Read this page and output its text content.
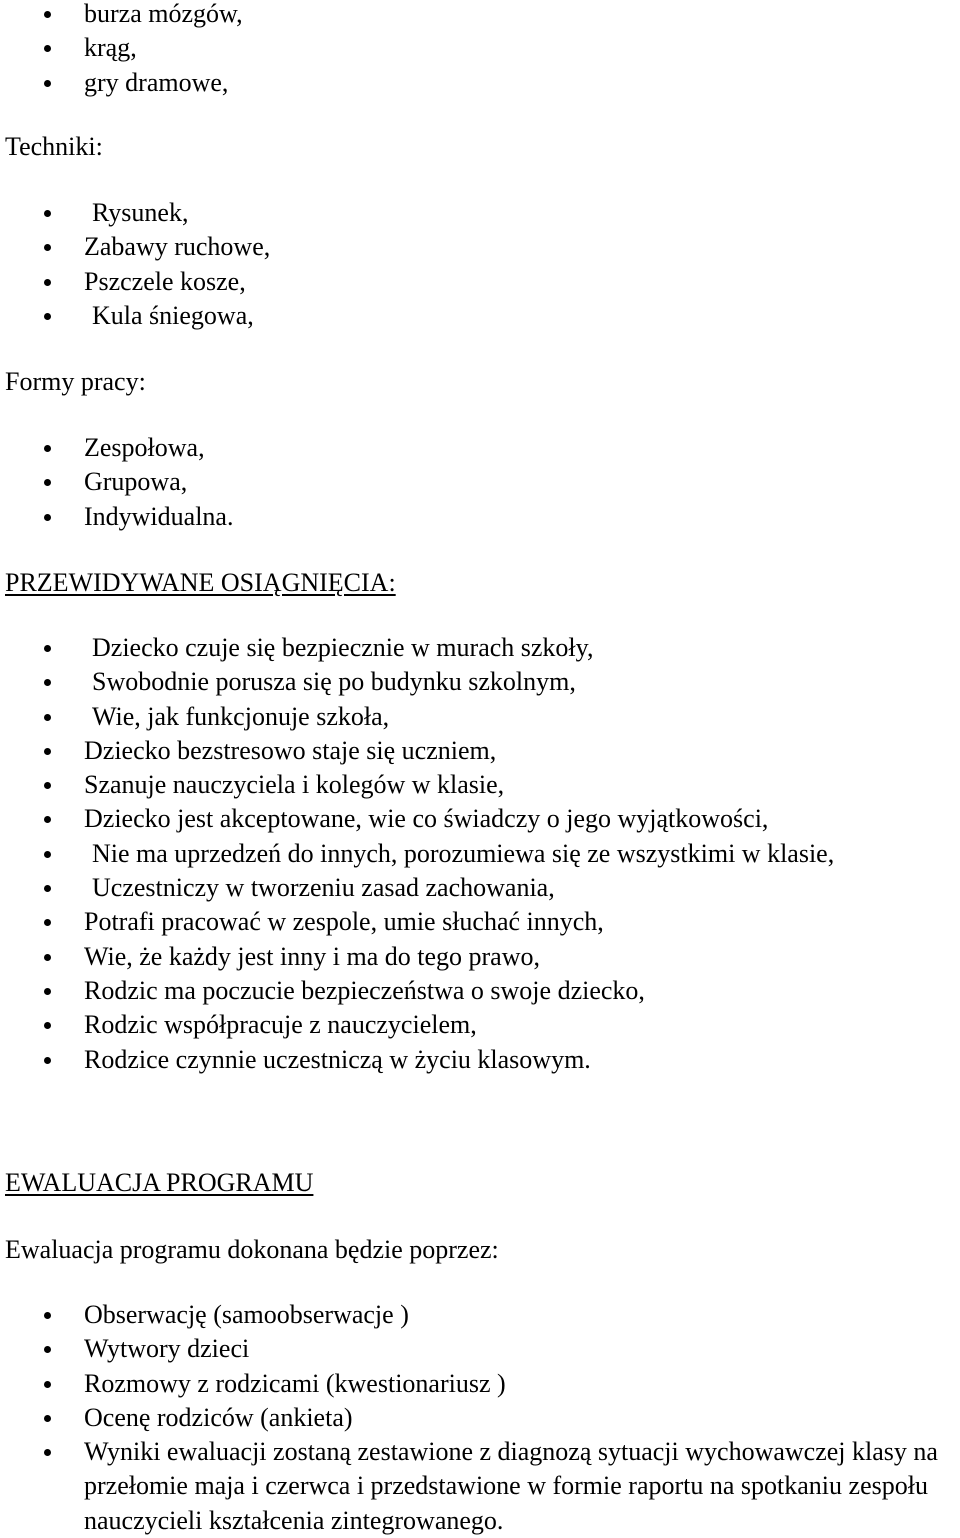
burza mózgów,
krąg,
gry dramowe,
Techniki:
Rysunek,
Zabawy ruchowe,
Pszczele kosze,
Kula śniegowa,
Formy pracy:
Zespołowa,
Grupowa,
Indywidualna.
PRZEWIDYWANE OSIĄGNIĘCIA:
Dziecko czuje się bezpiecznie w murach szkoły,
Swobodnie porusza się po budynku szkolnym,
Wie, jak funkcjonuje szkoła,
Dziecko bezstresowo staje się uczniem,
Szanuje nauczyciela i kolegów w klasie,
Dziecko jest akceptowane, wie co świadczy o jego wyjątkowości,
Nie ma uprzedzeń do innych, porozumiewa się ze wszystkimi w klasie,
Uczestniczy w tworzeniu zasad zachowania,
Potrafi pracować w zespole, umie słuchać innych,
Wie, że każdy jest inny i ma do tego prawo,
Rodzic ma poczucie bezpieczeństwa o swoje dziecko,
Rodzic współpracuje z nauczycielem,
Rodzice czynnie uczestniczą w życiu klasowym.
EWALUACJA PROGRAMU
Ewaluacja programu dokonana będzie poprzez:
Obserwację (samoobserwacje )
Wytwory dzieci
Rozmowy z rodzicami (kwestionariusz )
Ocenę rodziców (ankieta)
Wyniki ewaluacji zostaną zestawione z diagnozą sytuacji wychowawczej klasy na przełomie maja i czerwca i przedstawione w formie raportu na spotkaniu zespołu nauczycieli kształcenia zintegrowanego.
